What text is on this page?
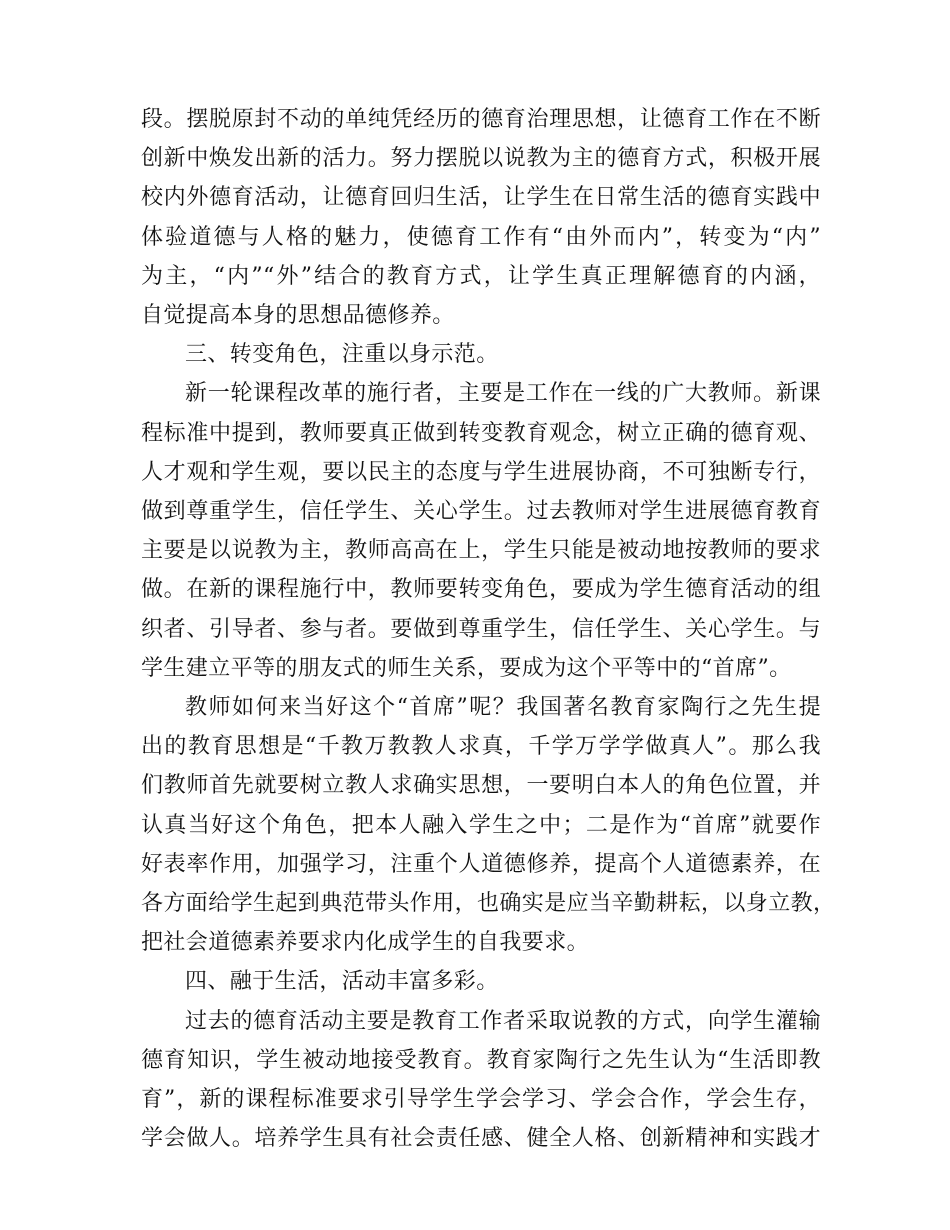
段。摆脱原封不动的单纯凭经历的德育治理思想，让德育工作在不断
创新中焕发出新的活力。努力摆脱以说教为主的德育方式，积极开展
校内外德育活动，让德育回归生活，让学生在日常生活的德育实践中
体验道德与人格的魅力，使德育工作有“由外而内”，转变为“内”
为主，“内”“外”结合的教育方式，让学生真正理解德育的内涵，
自觉提高本身的思想品德修养。

三、转变角色，注重以身示范。

新一轮课程改革的施行者，主要是工作在一线的广大教师。新课
程标准中提到，教师要真正做到转变教育观念，树立正确的德育观、
人才观和学生观，要以民主的态度与学生进展协商，不可独断专行，
做到尊重学生，信任学生、关心学生。过去教师对学生进展德育教育
主要是以说教为主，教师高高在上，学生只能是被动地按教师的要求
做。在新的课程施行中，教师要转变角色，要成为学生德育活动的组
织者、引导者、参与者。要做到尊重学生，信任学生、关心学生。与
学生建立平等的朋友式的师生关系，要成为这个平等中的“首席”。

教师如何来当好这个“首席”呢？我国著名教育家陶行之先生提
出的教育思想是“千教万教教人求真，千学万学学做真人”。那么我
们教师首先就要树立教人求确实思想，一要明白本人的角色位置，并
认真当好这个角色，把本人融入学生之中；二是作为“首席”就要作
好表率作用，加强学习，注重个人道德修养，提高个人道德素养，在
各方面给学生起到典范带头作用，也确实是应当辛勤耕耘，以身立教，
把社会道德素养要求内化成学生的自我要求。

四、融于生活，活动丰富多彩。

过去的德育活动主要是教育工作者采取说教的方式，向学生灌输
德育知识，学生被动地接受教育。教育家陶行之先生认为“生活即教
育”，新的课程标准要求引导学生学会学习、学会合作，学会生存，
学会做人。培养学生具有社会责任感、健全人格、创新精神和实践才
